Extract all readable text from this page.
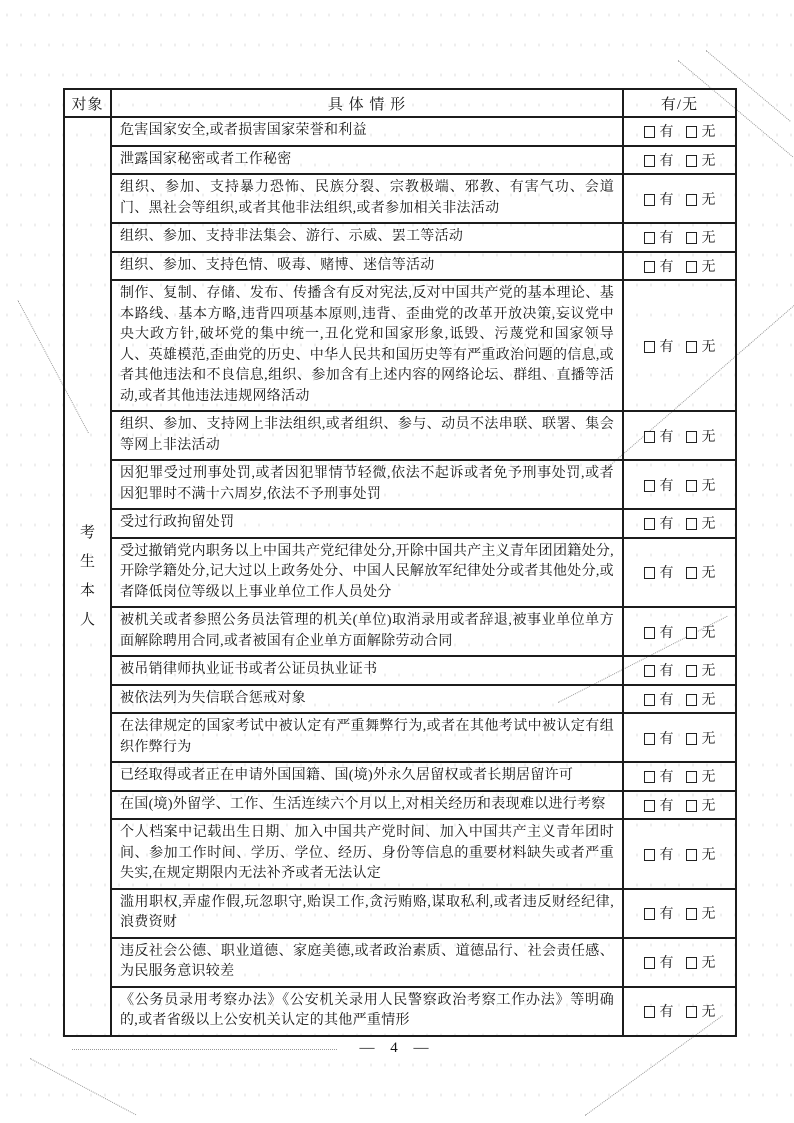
对象	具 体 情 形	有/无

考
生
本
人	危害国家安全,或者损害国家荣誉和利益	有 无
	泄露国家秘密或者工作秘密	有 无
	组织、参加、支持暴力恐怖、民族分裂、宗教极端、邪教、有害气功、会道门、黑社会等组织,或者其他非法组织,或者参加相关非法活动	有 无
	组织、参加、支持非法集会、游行、示威、罢工等活动	有 无
	组织、参加、支持色情、吸毒、赌博、迷信等活动	有 无
	制作、复制、存储、发布、传播含有反对宪法,反对中国共产党的基本理论、基本路线、基本方略,违背四项基本原则,违背、歪曲党的改革开放决策,妄议党中央大政方针,破坏党的集中统一,丑化党和国家形象,诋毁、污蔑党和国家领导人、英雄模范,歪曲党的历史、中华人民共和国历史等有严重政治问题的信息,或者其他违法和不良信息,组织、参加含有上述内容的网络论坛、群组、直播等活动,或者其他违法违规网络活动	有 无
	组织、参加、支持网上非法组织,或者组织、参与、动员不法串联、联署、集会等网上非法活动	有 无
	因犯罪受过刑事处罚,或者因犯罪情节轻微,依法不起诉或者免予刑事处罚,或者因犯罪时不满十六周岁,依法不予刑事处罚	有 无
	受过行政拘留处罚	有 无
	受过撤销党内职务以上中国共产党纪律处分,开除中国共产主义青年团团籍处分,开除学籍处分,记大过以上政务处分、中国人民解放军纪律处分或者其他处分,或者降低岗位等级以上事业单位工作人员处分	有 无
	被机关或者参照公务员法管理的机关(单位)取消录用或者辞退,被事业单位单方面解除聘用合同,或者被国有企业单方面解除劳动合同	有 无
	被吊销律师执业证书或者公证员执业证书	有 无
	被依法列为失信联合惩戒对象	有 无
	在法律规定的国家考试中被认定有严重舞弊行为,或者在其他考试中被认定有组织作弊行为	有 无
	已经取得或者正在申请外国国籍、国(境)外永久居留权或者长期居留许可	有 无
	在国(境)外留学、工作、生活连续六个月以上,对相关经历和表现难以进行考察	有 无
	个人档案中记载出生日期、加入中国共产党时间、加入中国共产主义青年团时间、参加工作时间、学历、学位、经历、身份等信息的重要材料缺失或者严重失实,在规定期限内无法补齐或者无法认定	有 无
	滥用职权,弄虚作假,玩忽职守,贻误工作,贪污贿赂,谋取私利,或者违反财经纪律,浪费资财	有 无
	违反社会公德、职业道德、家庭美德,或者政治素质、道德品行、社会责任感、为民服务意识较差	有 无
	《公务员录用考察办法》《公安机关录用人民警察政治考察工作办法》等明确的,或者省级以上公安机关认定的其他严重情形	有 无
— 4 —
